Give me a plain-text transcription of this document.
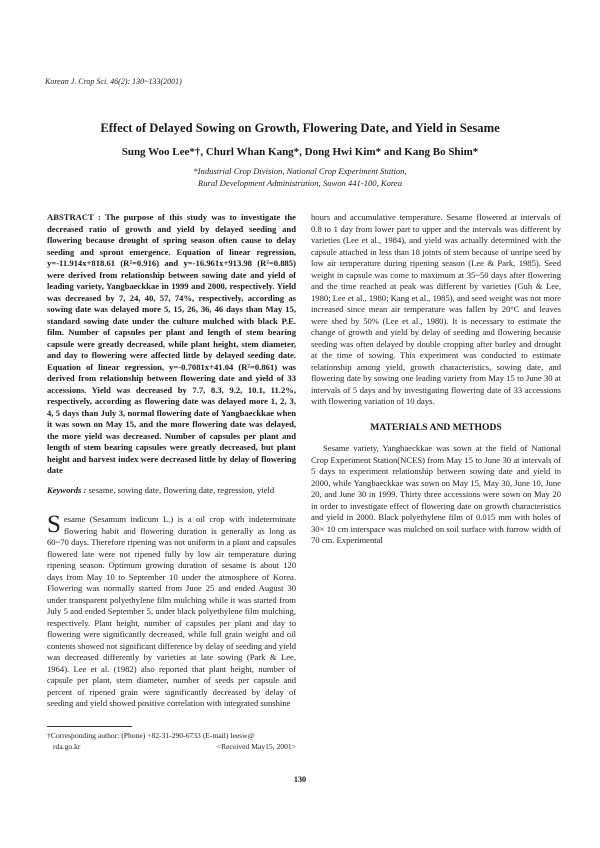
Korean J. Crop Sci. 46(2): 130~133(2001)
Effect of Delayed Sowing on Growth, Flowering Date, and Yield in Sesame
Sung Woo Lee*†, Churl Whan Kang*, Dong Hwi Kim* and Kang Bo Shim*
*Industrial Crop Division, National Crop Experiment Station,
Rural Development Administration, Suwon 441-100, Korea

ABSTRACT : The purpose of this study was to investigate the decreased ratio of growth and yield by delayed seeding and flowering because drought of spring season often cause to delay seeding and sprout emergence. Equation of linear regression, y=-11.914x+818.61 (R²=0.916) and y=-16.961x+913.98 (R²=0.885) were derived from relationship between sowing date and yield of leading variety, Yangbaeckkae in 1999 and 2000, respectively. Yield was decreased by 7, 24, 40, 57, 74%, respectively, according as sowing date was delayed more 5, 15, 26, 36, 46 days than May 15, standard sowing date under the culture mulched with black P.E. film. Number of capsules per plant and length of stem bearing capsule were greatly decreased, while plant height, stem diameter, and day to flowering were affected little by delayed seeding date. Equation of linear regression, y=-0.7081x+41.04 (R²=0.861) was derived from relationship between flowering date and yield of 33 accessions. Yield was decreased by 7.7, 8.3, 9.2, 10.1, 11.2%, respectively, according as flowering date was delayed more 1, 2, 3, 4, 5 days than July 3, normal flowering date of Yangbaeckkae when it was sown on May 15, and the more flowering date was delayed, the more yield was decreased. Number of capsules per plant and length of stem bearing capsules were greatly decreased, but plant height and harvest index were decreased little by delay of flowering date

Keywords : sesame, sowing date, flowering date, regression, yield

Sesame (Sesamum indicum L.) is a oil crop with indeterminate flowering habit and flowering duration is generally as long as 60~70 days. Therefore ripening was not uniform in a plant and capsules flowered late were not ripened fully by low air temperature during ripening season. Optimum growing duration of sesame is about 120 days from May 10 to September 10 under the atmosphere of Korea. Flowering was normally started from June 25 and ended August 30 under transparent polyethylene film mulching while it was started from July 5 and ended September 5, under black polyethylene film mulching, respectively. Plant height, number of capsules per plant and day to flowering were significantly decreased, while full grain weight and oil contents showed not significant difference by delay of seeding and yield was decreased differently by varieties at late sowing (Park & Lee, 1964). Lee et al. (1982) also reported that plant height, number of capsule per plant, stem diameter, number of seeds per capsule and percent of ripened grain were significantly decreased by delay of seeding and yield showed positive correlation with integrated sunshine

†Corresponding author: (Phone) +82-31-290-6733 (E-mail) leesw@
rda.go.kr	<Received May15, 2001>

hours and accumulative temperature. Sesame flowered at intervals of 0.8 to 1 day from lower part to upper and the intervals was different by varieties (Lee et al., 1984), and yield was actually determined with the capsule attached in less than 18 joints of stem because of unripe seed by low air temperature during ripening season (Lee & Park, 1985). Seed weight in capsule was come to maximum at 35~50 days after flowering and the time reached at peak was different by varieties (Guh & Lee, 1980; Lee et al., 1980; Kang et al., 1985), and seed weight was not more increased since mean air temperature was fallen by 20°C and leaves were shed by 50% (Lee et al., 1980). It is necessary to estimate the change of growth and yield by delay of seeding and flowering because seeding was often delayed by double cropping after barley and drought at the time of sowing. This experiment was conducted to estimate relationship among yield, growth characteristics, sowing date, and flowering date by sowing one leading variety from May 15 to June 30 at intervals of 5 days and by investigating flowering date of 33 accessions with flowering variation of 10 days.

MATERIALS AND METHODS

Sesame variety, Yangbaeckkae was sown at the field of National Crop Experiment Station(NCES) from May 15 to June 30 at intervals of 5 days to experiment relationship between sowing date and yield in 2000, while Yangbaeckkae was sown on May 15, May 30, June 10, June 20, and June 30 in 1999. Thirty three accessions were sown on May 20 in order to investigate effect of flowering date on growth characteristics and yield in 2000. Black polyethylene film of 0.015 mm with holes of 30× 10 cm interspace was mulched on soil surface with furrow width of 70 cm. Experimental

130
